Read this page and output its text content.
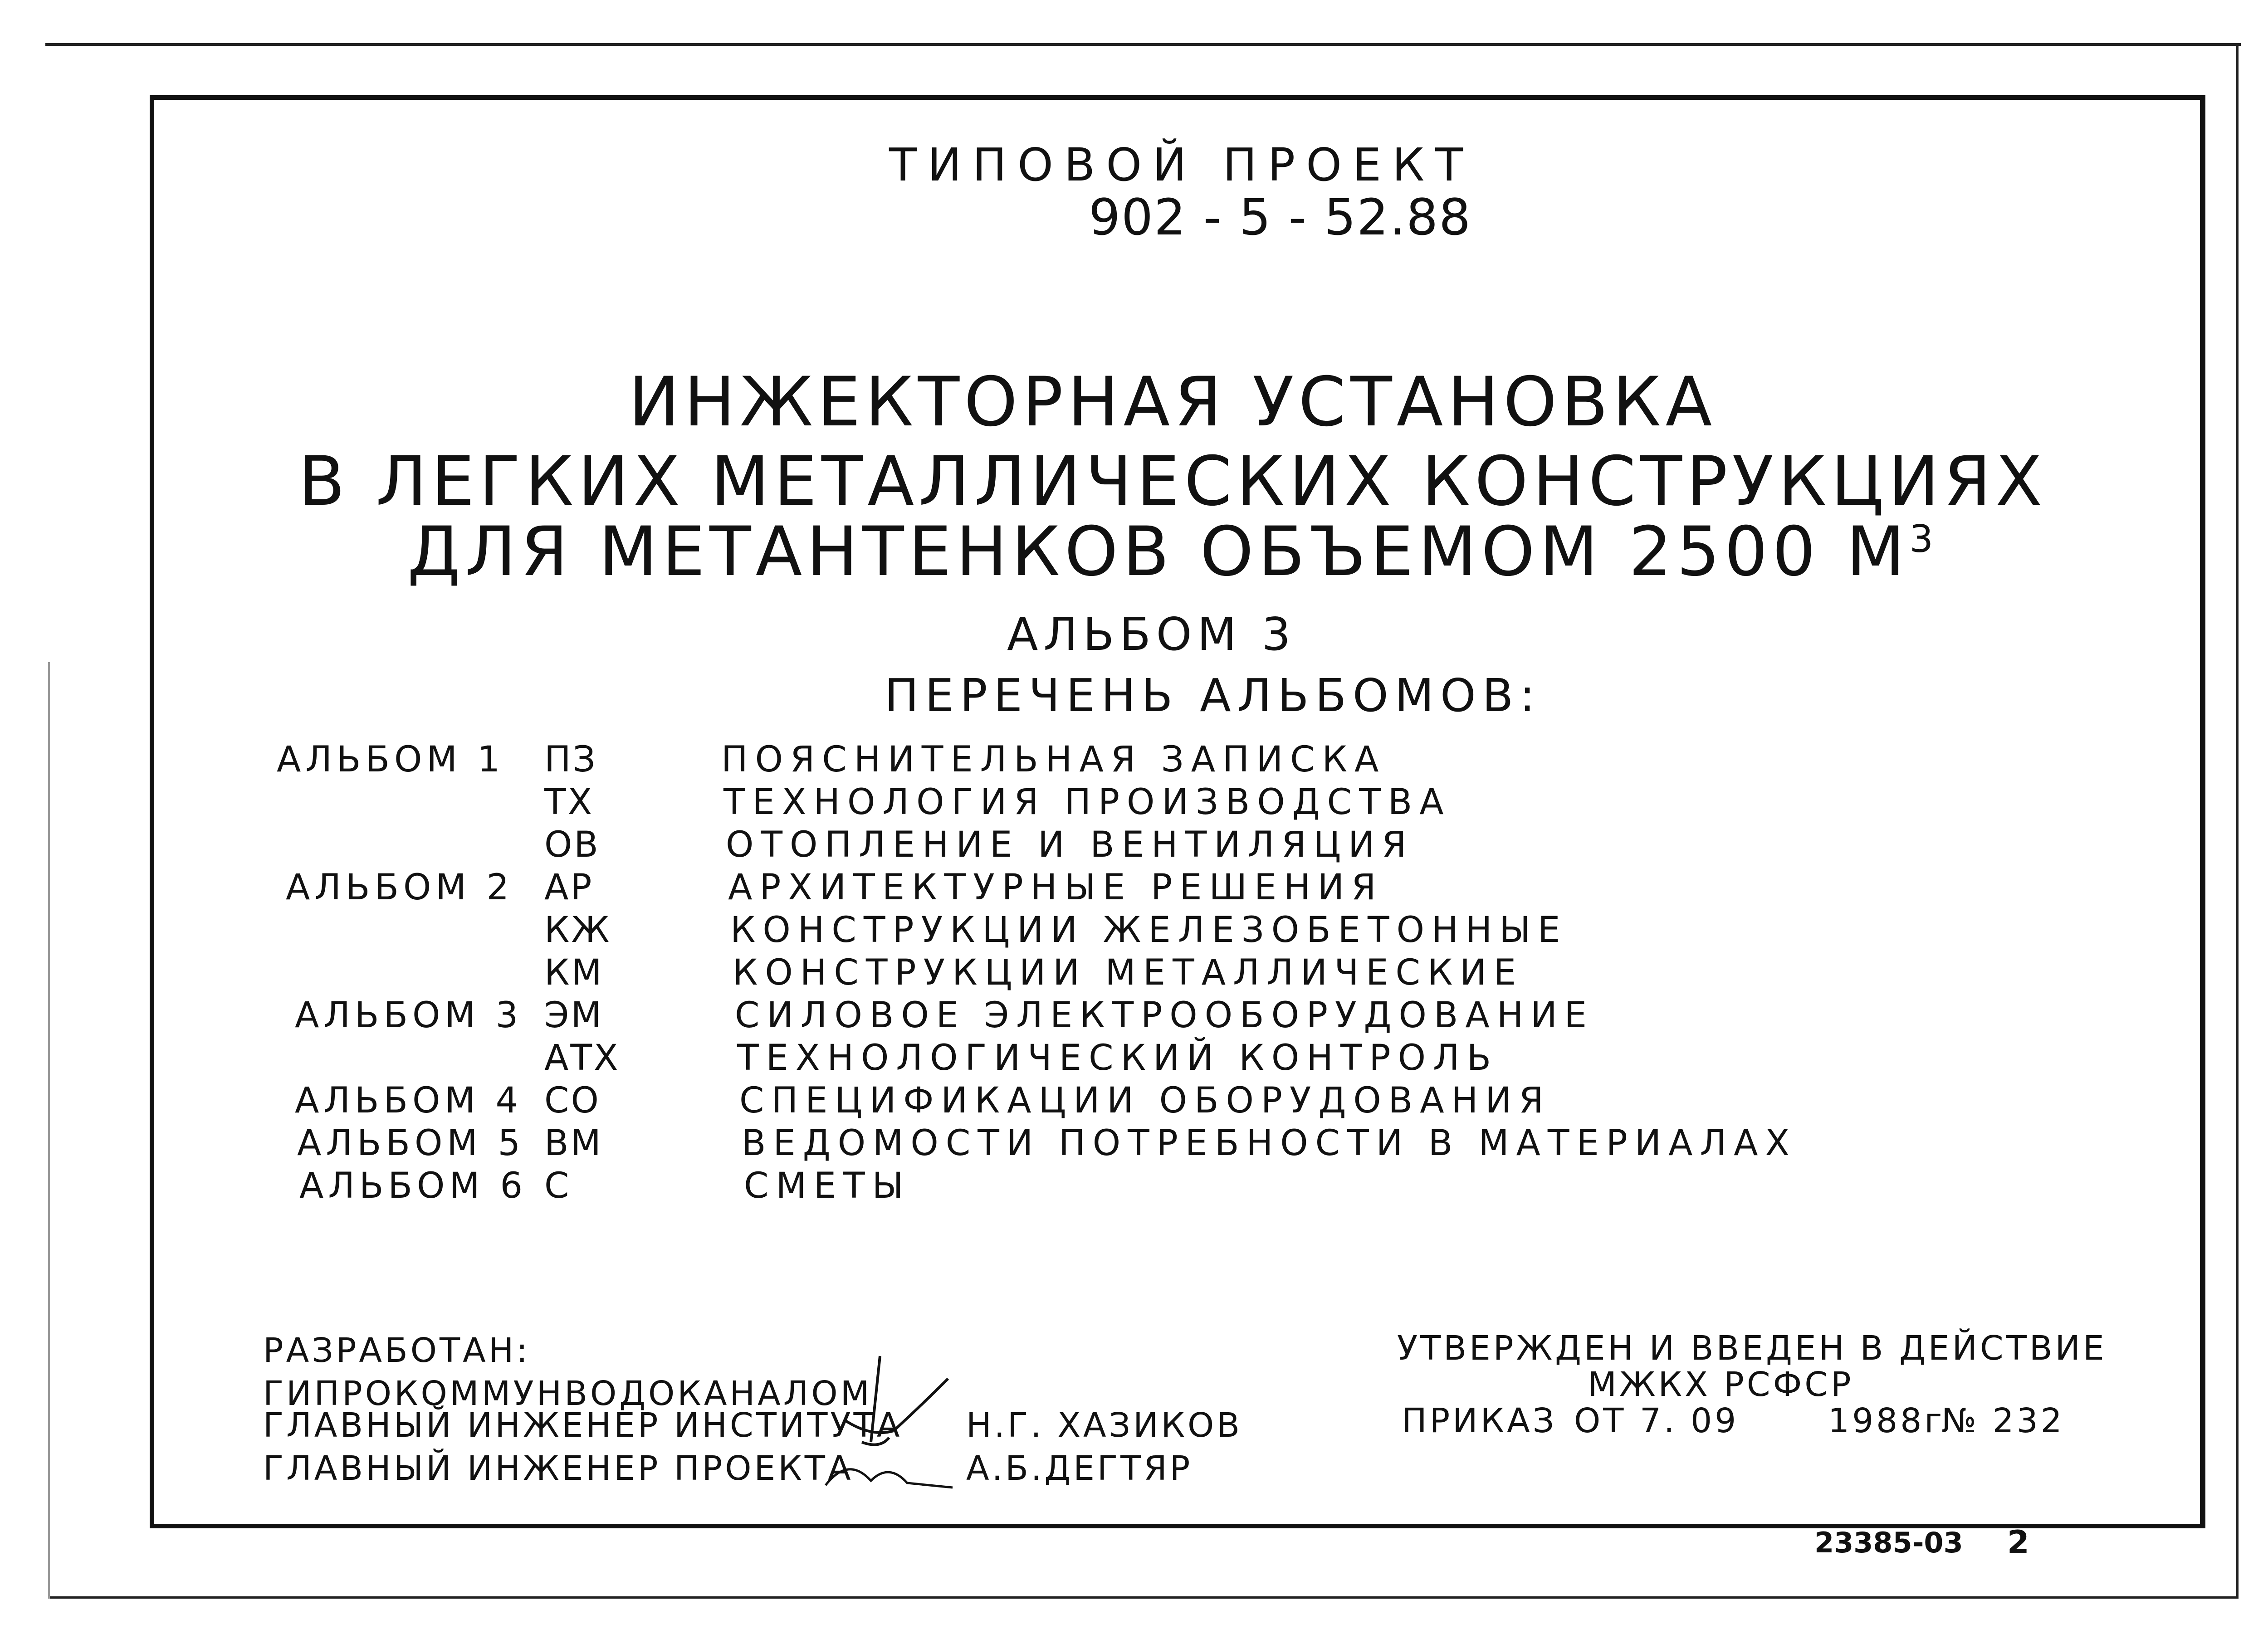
ТИПОВОЙ ПРОЕКТ
902 - 5 - 52.88
ИНЖЕКТОРНАЯ УСТАНОВКА
В ЛЕГКИХ МЕТАЛЛИЧЕСКИХ КОНСТРУКЦИЯХ
ДЛЯ МЕТАНТЕНКОВ ОБЪЕМОМ 2500 $М^3$
АЛЬБОМ 3
ПЕРЕЧЕНЬ АЛЬБОМОВ:
АЛЬБОМ 1 ПЗ	ПОЯСНИТЕЛЬНАЯ ЗАПИСКА
ТХ	ТЕХНОЛОГИЯ ПРОИЗВОДСТВА
ОВ	ОТОПЛЕНИЕ И ВЕНТИЛЯЦИЯ
АЛЬБОМ 2 АР	АРХИТЕКТУРНЫЕ РЕШЕНИЯ
КЖ	КОНСТРУКЦИИ ЖЕЛЕЗОБЕТОННЫЕ
КМ	КОНСТРУКЦИИ МЕТАЛЛИЧЕСКИЕ
АЛЬБОМ 3 ЭМ	СИЛОВОЕ ЭЛЕКТРООБОРУДОВАНИЕ
АТХ	ТЕХНОЛОГИЧЕСКИЙ КОНТРОЛЬ
АЛЬБОМ 4 СО	СПЕЦИФИКАЦИИ ОБОРУДОВАНИЯ
АЛЬБОМ 5 ВМ	ВЕДОМОСТИ ПОТРЕБНОСТИ В МАТЕРИАЛАХ
АЛЬБОМ 6 С	СМЕТЫ
РАЗРАБОТАН:
ГИПРОКОММУНВОДОКАНАЛОМ
ГЛАВНЫЙ ИНЖЕНЕР ИНСТИТУТА Н.Г. ХАЗИКОВ
ГЛАВНЫЙ ИНЖЕНЕР ПРОЕКТА	А.Б.ДЕГТЯР
УТВЕРЖДЕН И ВВЕДЕН В ДЕЙСТВИЕ
МЖКХ РСФСР
ПРИКАЗ ОТ 7. 09	1988г
№ 232
23385-03 2
